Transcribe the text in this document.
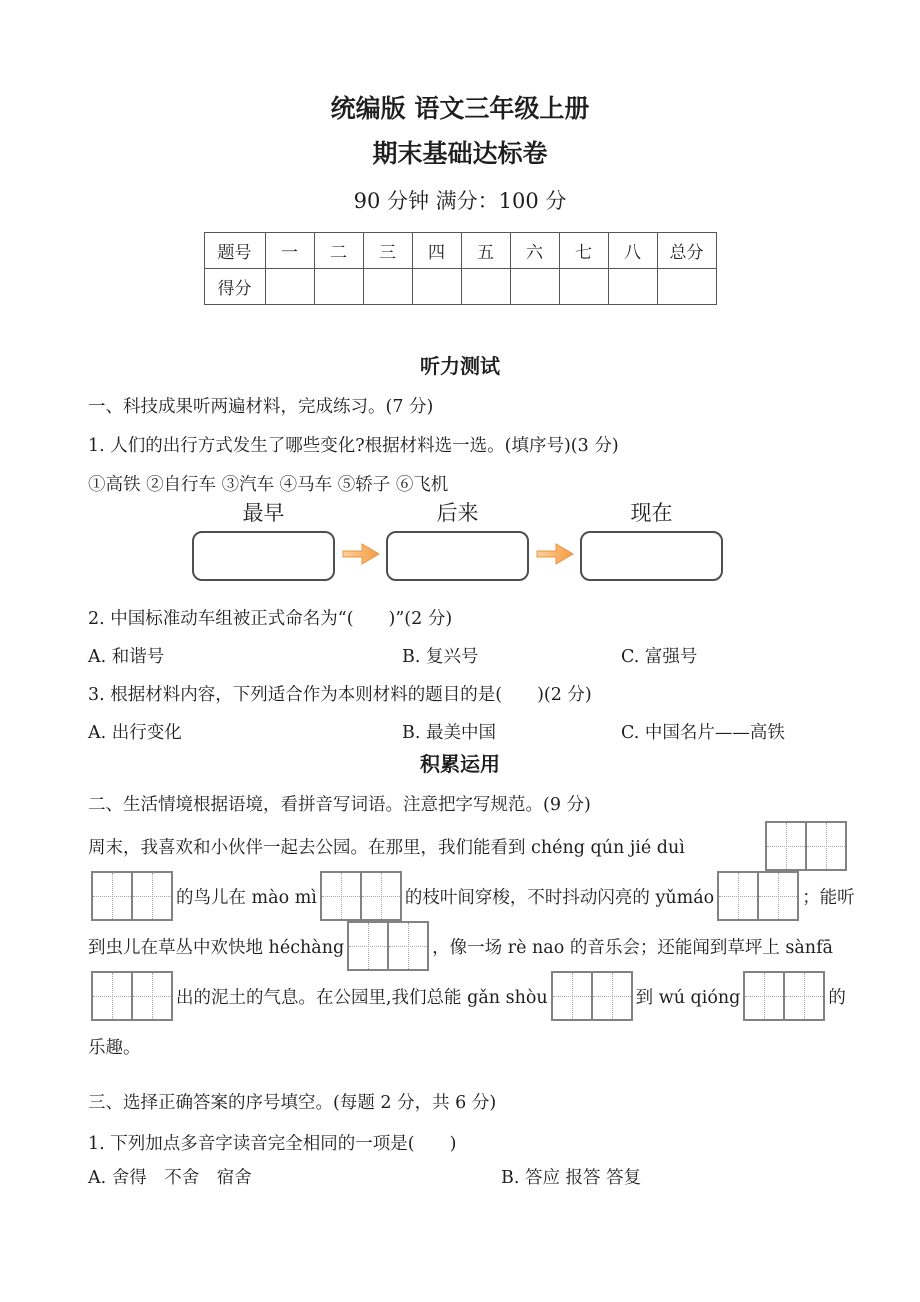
统编版 语文三年级上册
期末基础达标卷
90 分钟 满分：100 分
题号	一	二	三	四	五	六	七	八	总分
得分									
听力测试
一、科技成果听两遍材料，完成练习。(7 分)
1. 人们的出行方式发生了哪些变化?根据材料选一选。(填序号)(3 分)
①高铁 ②自行车 ③汽车 ④马车 ⑤轿子 ⑥飞机
最早	后来	现在
2. 中国标准动车组被正式命名为“(　　)”(2 分)
A. 和谐号	B. 复兴号	C. 富强号
3. 根据材料内容，下列适合作为本则材料的题目的是(　　)(2 分)
A. 出行变化	B. 最美中国	C. 中国名片——高铁
积累运用
二、生活情境根据语境，看拼音写词语。注意把字写规范。(9 分)
周末，我喜欢和小伙伴一起去公园。在那里，我们能看到 chéng qún jié duì
的鸟儿在 mào mì	的枝叶间穿梭，不时抖动闪亮的 yǔmáo	；能听
到虫儿在草丛中欢快地 héchàng	，像一场 rè nao 的音乐会；还能闻到草坪上 sànfā
出的泥土的气息。在公园里,我们总能 gǎn shòu	到 wú qióng	的
乐趣。
三、选择正确答案的序号填空。(每题 2 分，共 6 分)
1. 下列加点多音字读音完全相同的一项是(　　)
A. 舍得　不舍　宿舍	B. 答应 报答 答复
